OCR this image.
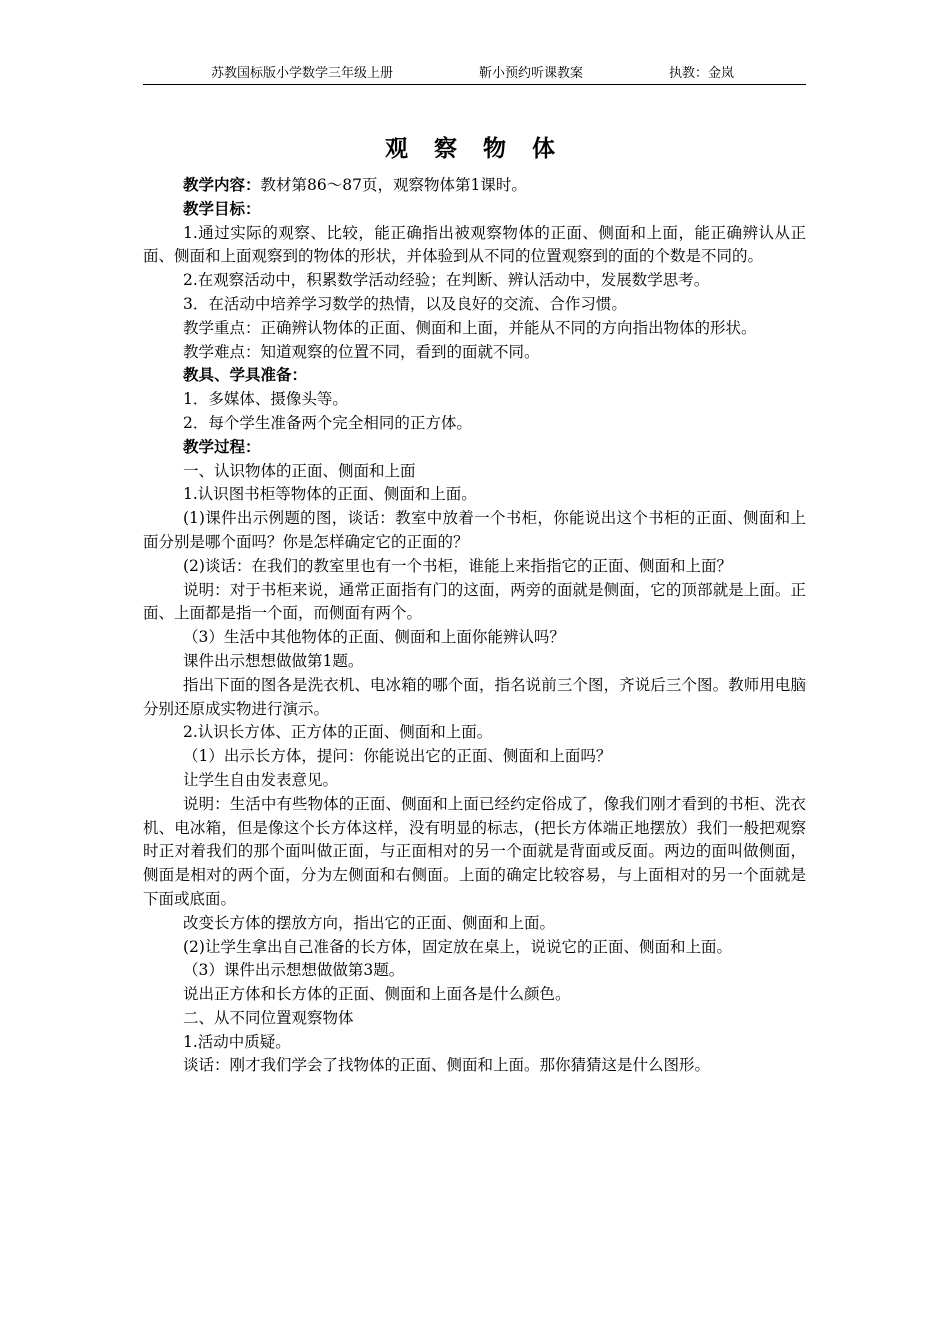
苏教国标版小学数学三年级上册	靳小预约听课教案	执教：金岚
观 察 物 体

教学内容：教材第86～87页，观察物体第1课时。

教学目标：

1.通过实际的观察、比较，能正确指出被观察物体的正面、侧面和上面，能正确辨认从正面、侧面和上面观察到的物体的形状，并体验到从不同的位置观察到的面的个数是不同的。

2.在观察活动中，积累数学活动经验；在判断、辨认活动中，发展数学思考。

3．在活动中培养学习数学的热情，以及良好的交流、合作习惯。

教学重点：正确辨认物体的正面、侧面和上面，并能从不同的方向指出物体的形状。

教学难点：知道观察的位置不同，看到的面就不同。

教具、学具准备：

1．多媒体、摄像头等。

2．每个学生准备两个完全相同的正方体。

教学过程：

一、认识物体的正面、侧面和上面

1.认识图书柜等物体的正面、侧面和上面。

(1)课件出示例题的图，谈话：教室中放着一个书柜，你能说出这个书柜的正面、侧面和上面分别是哪个面吗？你是怎样确定它的正面的？

(2)谈话：在我们的教室里也有一个书柜，谁能上来指指它的正面、侧面和上面？

说明：对于书柜来说，通常正面指有门的这面，两旁的面就是侧面，它的顶部就是上面。正面、上面都是指一个面，而侧面有两个。

（3）生活中其他物体的正面、侧面和上面你能辨认吗？

课件出示想想做做第1题。

指出下面的图各是洗衣机、电冰箱的哪个面，指名说前三个图，齐说后三个图。教师用电脑分别还原成实物进行演示。

2.认识长方体、正方体的正面、侧面和上面。

（1）出示长方体，提问：你能说出它的正面、侧面和上面吗？

让学生自由发表意见。

说明：生活中有些物体的正面、侧面和上面已经约定俗成了，像我们刚才看到的书柜、洗衣机、电冰箱，但是像这个长方体这样，没有明显的标志，(把长方体端正地摆放）我们一般把观察时正对着我们的那个面叫做正面，与正面相对的另一个面就是背面或反面。两边的面叫做侧面，侧面是相对的两个面，分为左侧面和右侧面。上面的确定比较容易，与上面相对的另一个面就是下面或底面。

改变长方体的摆放方向，指出它的正面、侧面和上面。

(2)让学生拿出自己准备的长方体，固定放在桌上，说说它的正面、侧面和上面。

（3）课件出示想想做做第3题。

说出正方体和长方体的正面、侧面和上面各是什么颜色。

二、从不同位置观察物体

1.活动中质疑。

谈话：刚才我们学会了找物体的正面、侧面和上面。那你猜猜这是什么图形。
